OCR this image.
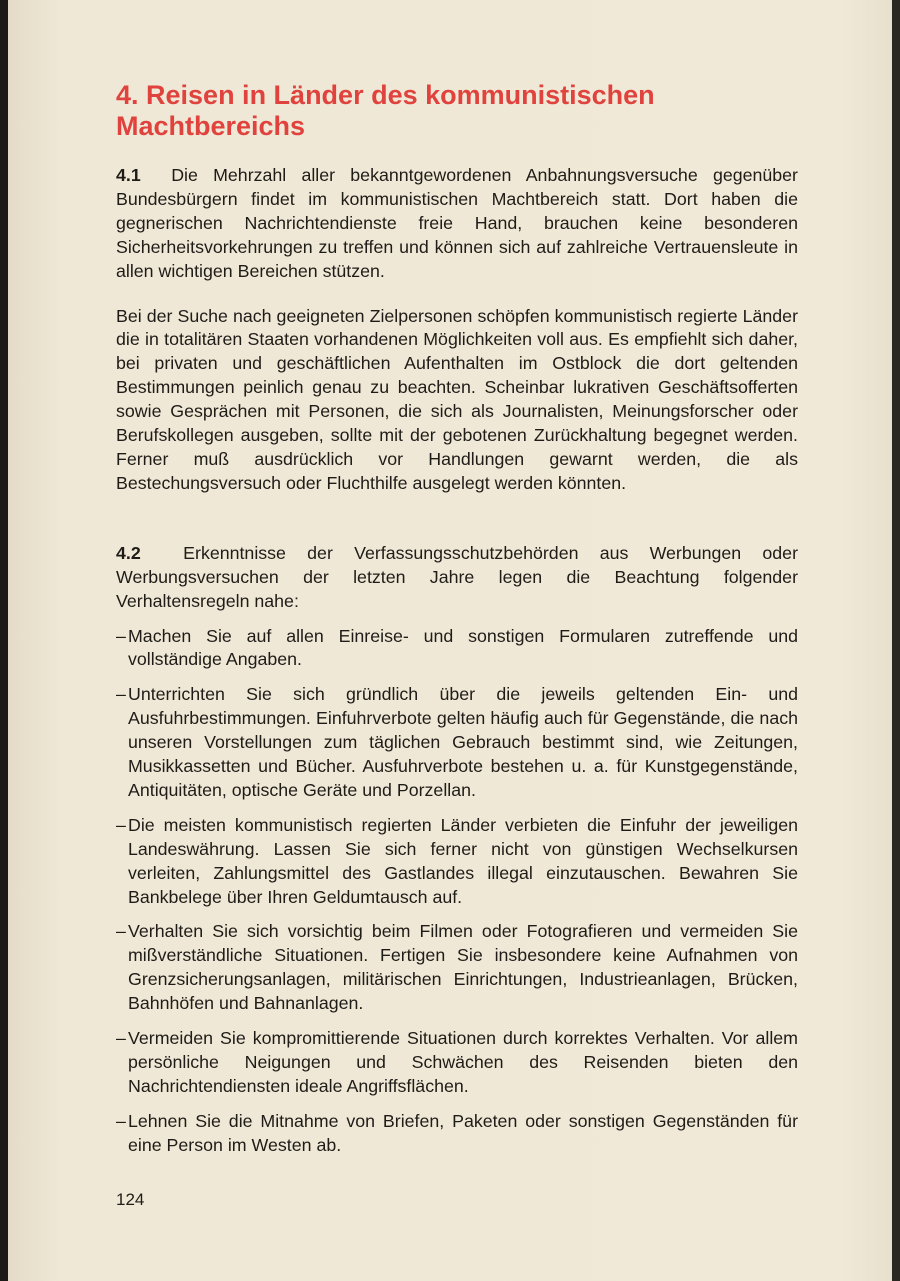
4. Reisen in Länder des kommunistischen
Machtbereichs

4.1 Die Mehrzahl aller bekanntgewordenen Anbahnungsversuche gegenüber Bundesbürgern findet im kommunistischen Machtbereich statt. Dort haben die gegnerischen Nachrichtendienste freie Hand, brauchen keine besonderen Sicherheitsvorkehrungen zu treffen und können sich auf zahlreiche Vertrauensleute in allen wichtigen Bereichen stützen.

Bei der Suche nach geeigneten Zielpersonen schöpfen kommunistisch regierte Länder die in totalitären Staaten vorhandenen Möglichkeiten voll aus. Es empfiehlt sich daher, bei privaten und geschäftlichen Aufenthalten im Ostblock die dort geltenden Bestimmungen peinlich genau zu beachten. Scheinbar lukrativen Geschäftsofferten sowie Gesprächen mit Personen, die sich als Journalisten, Meinungsforscher oder Berufskollegen ausgeben, sollte mit der gebotenen Zurückhaltung begegnet werden. Ferner muß ausdrücklich vor Handlungen gewarnt werden, die als Bestechungsversuch oder Fluchthilfe ausgelegt werden könnten.

4.2 Erkenntnisse der Verfassungsschutzbehörden aus Werbungen oder Werbungsversuchen der letzten Jahre legen die Beachtung folgender Verhaltensregeln nahe:

– Machen Sie auf allen Einreise- und sonstigen Formularen zutreffende und vollständige Angaben.
– Unterrichten Sie sich gründlich über die jeweils geltenden Ein- und Ausfuhrbestimmungen. Einfuhrverbote gelten häufig auch für Gegenstände, die nach unseren Vorstellungen zum täglichen Gebrauch bestimmt sind, wie Zeitungen, Musikkassetten und Bücher. Ausfuhrverbote bestehen u. a. für Kunstgegenstände, Antiquitäten, optische Geräte und Porzellan.
– Die meisten kommunistisch regierten Länder verbieten die Einfuhr der jeweiligen Landeswährung. Lassen Sie sich ferner nicht von günstigen Wechselkursen verleiten, Zahlungsmittel des Gastlandes illegal einzutauschen. Bewahren Sie Bankbelege über Ihren Geldumtausch auf.
– Verhalten Sie sich vorsichtig beim Filmen oder Fotografieren und vermeiden Sie mißverständliche Situationen. Fertigen Sie insbesondere keine Aufnahmen von Grenzsicherungsanlagen, militärischen Einrichtungen, Industrieanlagen, Brücken, Bahnhöfen und Bahnanlagen.
– Vermeiden Sie kompromittierende Situationen durch korrektes Verhalten. Vor allem persönliche Neigungen und Schwächen des Reisenden bieten den Nachrichtendiensten ideale Angriffsflächen.
– Lehnen Sie die Mitnahme von Briefen, Paketen oder sonstigen Gegenständen für eine Person im Westen ab.
124
